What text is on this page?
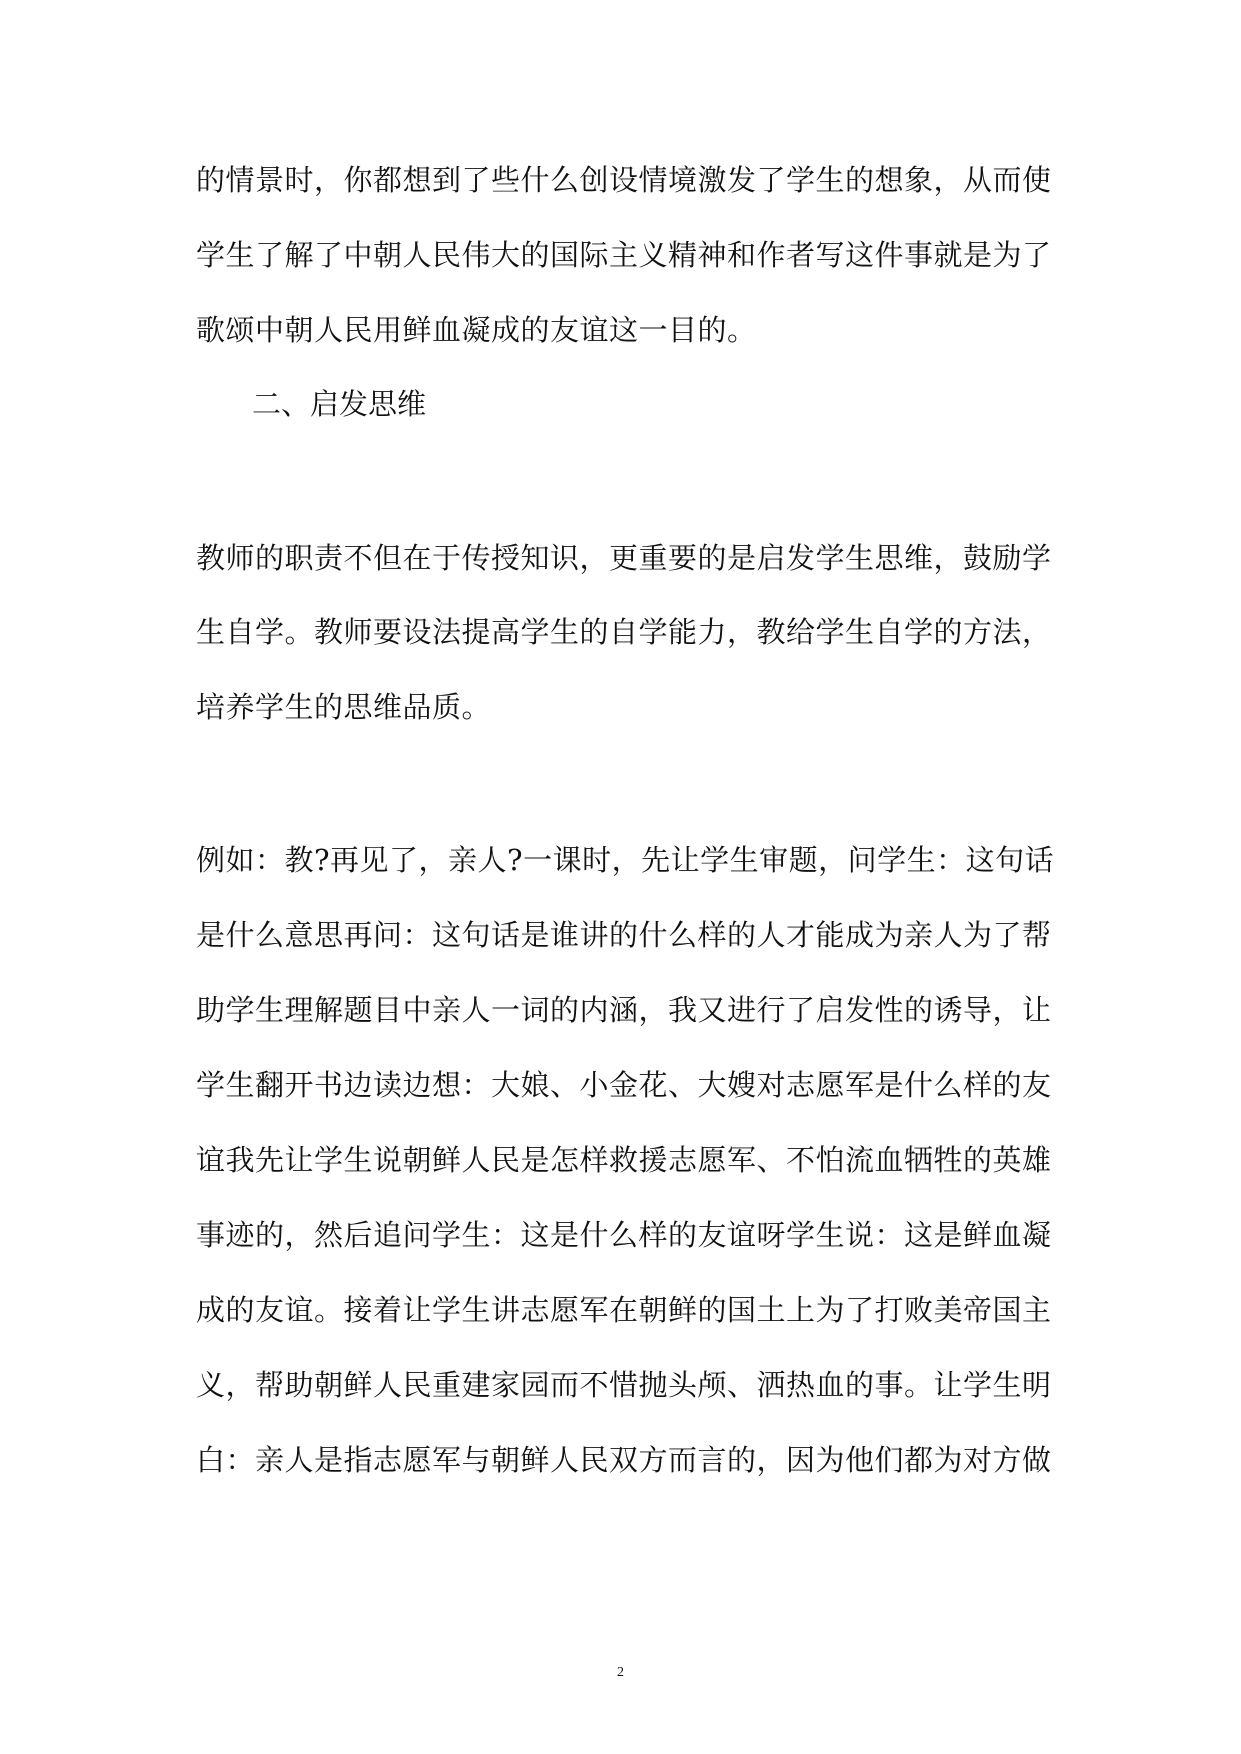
的情景时，你都想到了些什么创设情境激发了学生的想象，从而使
学生了解了中朝人民伟大的国际主义精神和作者写这件事就是为了
歌颂中朝人民用鲜血凝成的友谊这一目的。
二、启发思维
教师的职责不但在于传授知识，更重要的是启发学生思维，鼓励学
生自学。教师要设法提高学生的自学能力，教给学生自学的方法，
培养学生的思维品质。
例如：教?再见了，亲人?一课时，先让学生审题，问学生：这句话
是什么意思再问：这句话是谁讲的什么样的人才能成为亲人为了帮
助学生理解题目中亲人一词的内涵，我又进行了启发性的诱导，让
学生翻开书边读边想：大娘、小金花、大嫂对志愿军是什么样的友
谊我先让学生说朝鲜人民是怎样救援志愿军、不怕流血牺牲的英雄
事迹的，然后追问学生：这是什么样的友谊呀学生说：这是鲜血凝
成的友谊。接着让学生讲志愿军在朝鲜的国土上为了打败美帝国主
义，帮助朝鲜人民重建家园而不惜抛头颅、洒热血的事。让学生明
白：亲人是指志愿军与朝鲜人民双方而言的，因为他们都为对方做
2
